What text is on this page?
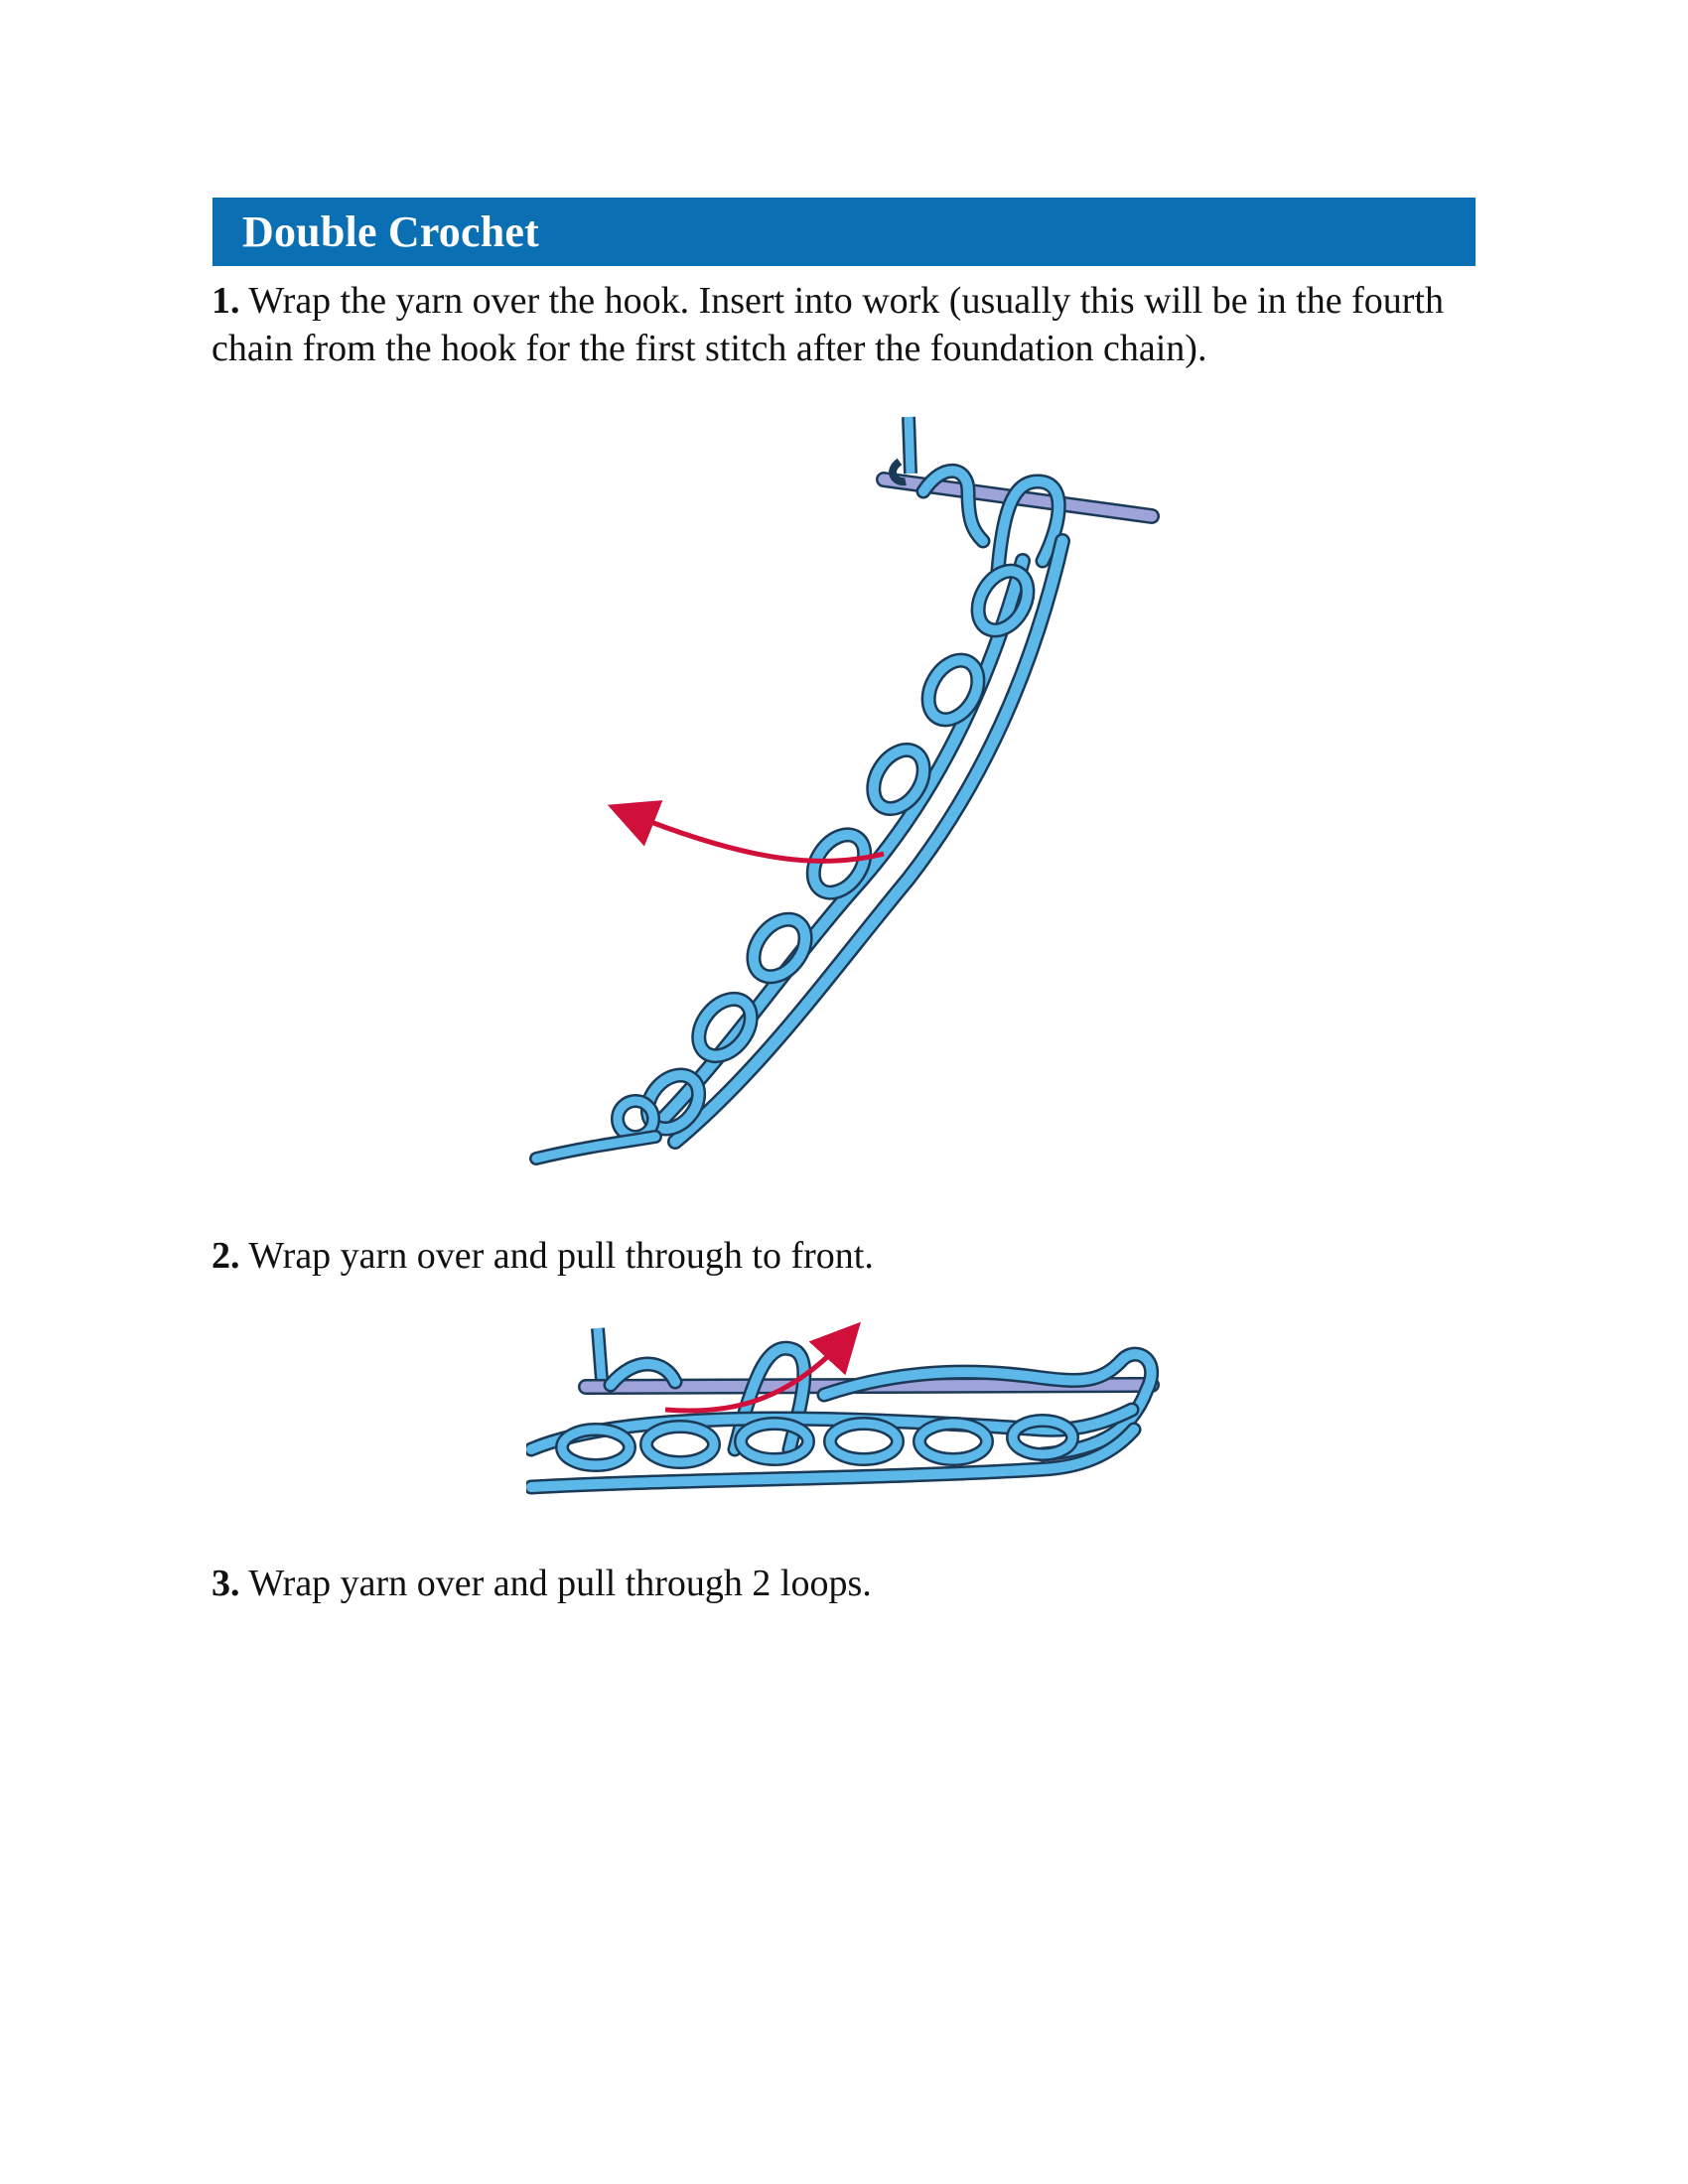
Double Crochet

1. Wrap the yarn over the hook. Insert into work (usually this will be in the fourth chain from the hook for the first stitch after the foundation chain).

2. Wrap yarn over and pull through to front.

3. Wrap yarn over and pull through 2 loops.
